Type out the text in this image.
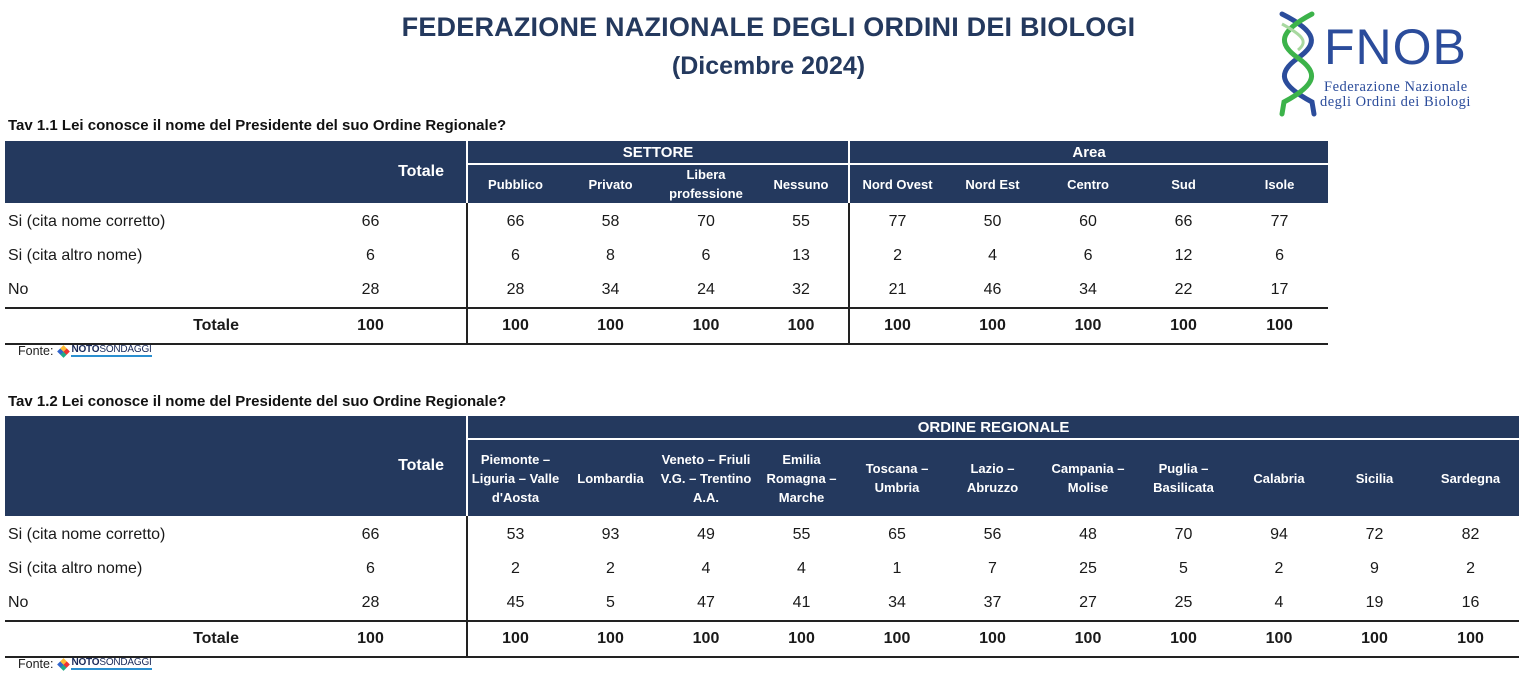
FEDERAZIONE NAZIONALE DEGLI ORDINI DEI BIOLOGI
(Dicembre 2024)	FNOB
Federazione Nazionale
degli Ordini dei Biologi
Tav 1.1 Lei conosce il nome del Presidente del suo Ordine Regionale?
	Totale	SETTORE				Area				
		Pubblico	Privato	Libera professione	Nessuno	Nord Ovest	Nord Est	Centro	Sud	Isole
Si (cita nome corretto)	66	66	58	70	55	77	50	60	66	77
Si (cita altro nome)	6	6	8	6	13	2	4	6	12	6
No	28	28	34	24	32	21	46	34	22	17
Totale	100	100	100	100	100	100	100	100	100	100
Fonte: NOTOSONDAGGI
Tav 1.2 Lei conosce il nome del Presidente del suo Ordine Regionale?
	Totale	ORDINE REGIONALE										
		Piemonte – Liguria – Valle d'Aosta	Lombardia	Veneto – Friuli V.G. – Trentino A.A.	Emilia Romagna – Marche	Toscana – Umbria	Lazio – Abruzzo	Campania – Molise	Puglia – Basilicata	Calabria	Sicilia	Sardegna
Si (cita nome corretto)	66	53	93	49	55	65	56	48	70	94	72	82
Si (cita altro nome)	6	2	2	4	4	1	7	25	5	2	9	2
No	28	45	5	47	41	34	37	27	25	4	19	16
Totale	100	100	100	100	100	100	100	100	100	100	100	100
Fonte: NOTOSONDAGGI
